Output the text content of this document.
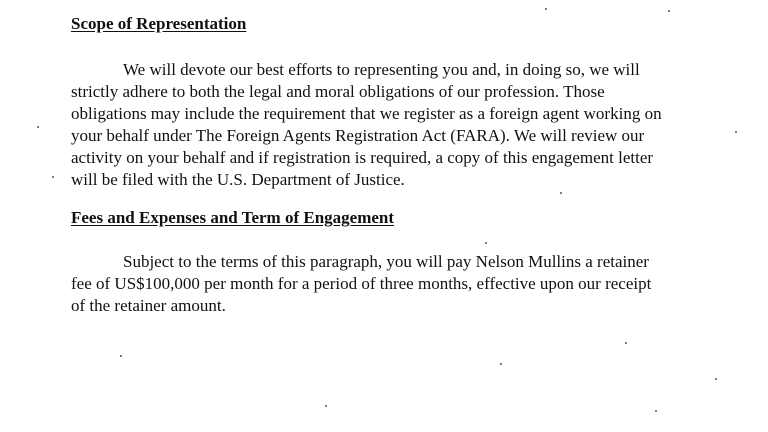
Scope of Representation
We will devote our best efforts to representing you and, in doing so, we will
strictly adhere to both the legal and moral obligations of our profession. Those
obligations may include the requirement that we register as a foreign agent working on
your behalf under The Foreign Agents Registration Act (FARA). We will review our
activity on your behalf and if registration is required, a copy of this engagement letter
will be filed with the U.S. Department of Justice.
Fees and Expenses and Term of Engagement
Subject to the terms of this paragraph, you will pay Nelson Mullins a retainer
fee of US$100,000 per month for a period of three months, effective upon our receipt
of the retainer amount.
